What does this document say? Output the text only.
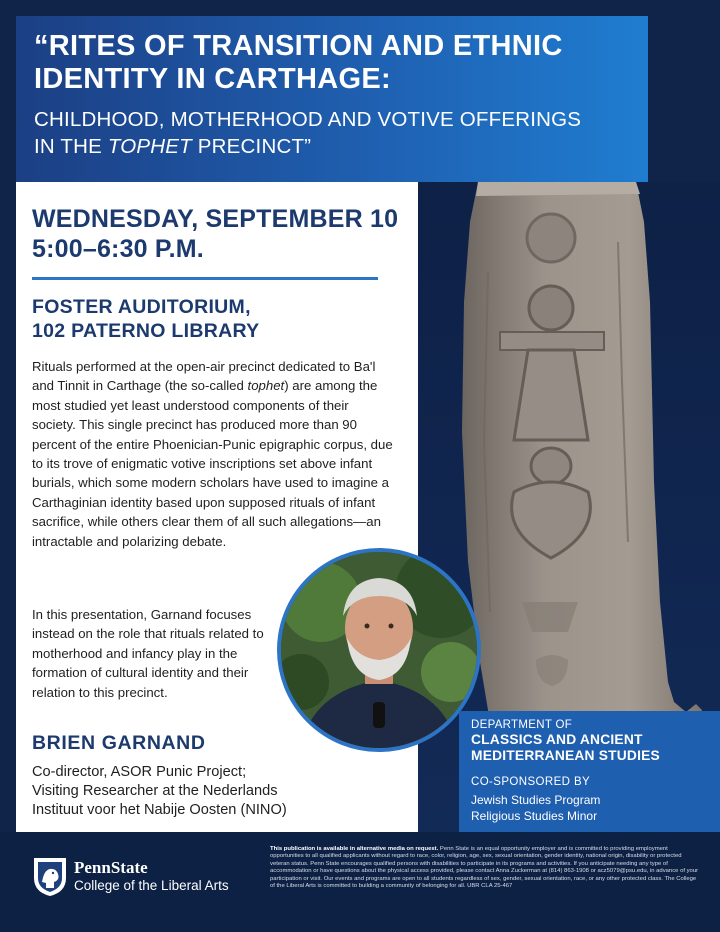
“RITES OF TRANSITION AND ETHNIC
IDENTITY IN CARTHAGE:
CHILDHOOD, MOTHERHOOD AND VOTIVE OFFERINGS
IN THE TOPHET PRECINCT”
WEDNESDAY, SEPTEMBER 10
5:00–6:30 P.M.
FOSTER AUDITORIUM,
102 PATERNO LIBRARY

Rituals performed at the open-air precinct dedicated to Ba'l and Tinnit in Carthage (the so-called tophet) are among the most studied yet least understood components of their society. This single precinct has produced more than 90 percent of the entire Phoenician-Punic epigraphic corpus, due to its trove of enigmatic votive inscriptions set above infant burials, which some modern scholars have used to imagine a Carthaginian identity based upon supposed rituals of infant sacrifice, while others clear them of all such allegations—an intractable and polarizing debate.

In this presentation, Garnand focuses instead on the role that rituals related to motherhood and infancy play in the formation of cultural identity and their relation to this precinct.

BRIEN GARNAND
Co-director, ASOR Punic Project;
Visiting Researcher at the Nederlands
Instituut voor het Nabije Oosten (NINO)
DEPARTMENT OF
CLASSICS AND ANCIENT
MEDITERRANEAN STUDIES
CO-SPONSORED BY
Jewish Studies Program
Religious Studies Minor
PennState
College of the Liberal Arts
This publication is available in alternative media on request. Penn State is an equal opportunity employer and is committed to providing employment opportunities to all qualified applicants without regard to race, color, religion, age, sex, sexual orientation, gender identity, national origin, disability or protected veteran status. Penn State encourages qualified persons with disabilities to participate in its programs and activities. If you anticipate needing any type of accommodation or have questions about the physical access provided, please contact Anna Zuckerman at (814) 863-1908 or acz5079@psu.edu, in advance of your participation or visit. Our events and programs are open to all students regardless of sex, gender, sexual orientation, race, or any other protected class. The College of the Liberal Arts is committed to building a community of belonging for all. UBR CLA 25-467
